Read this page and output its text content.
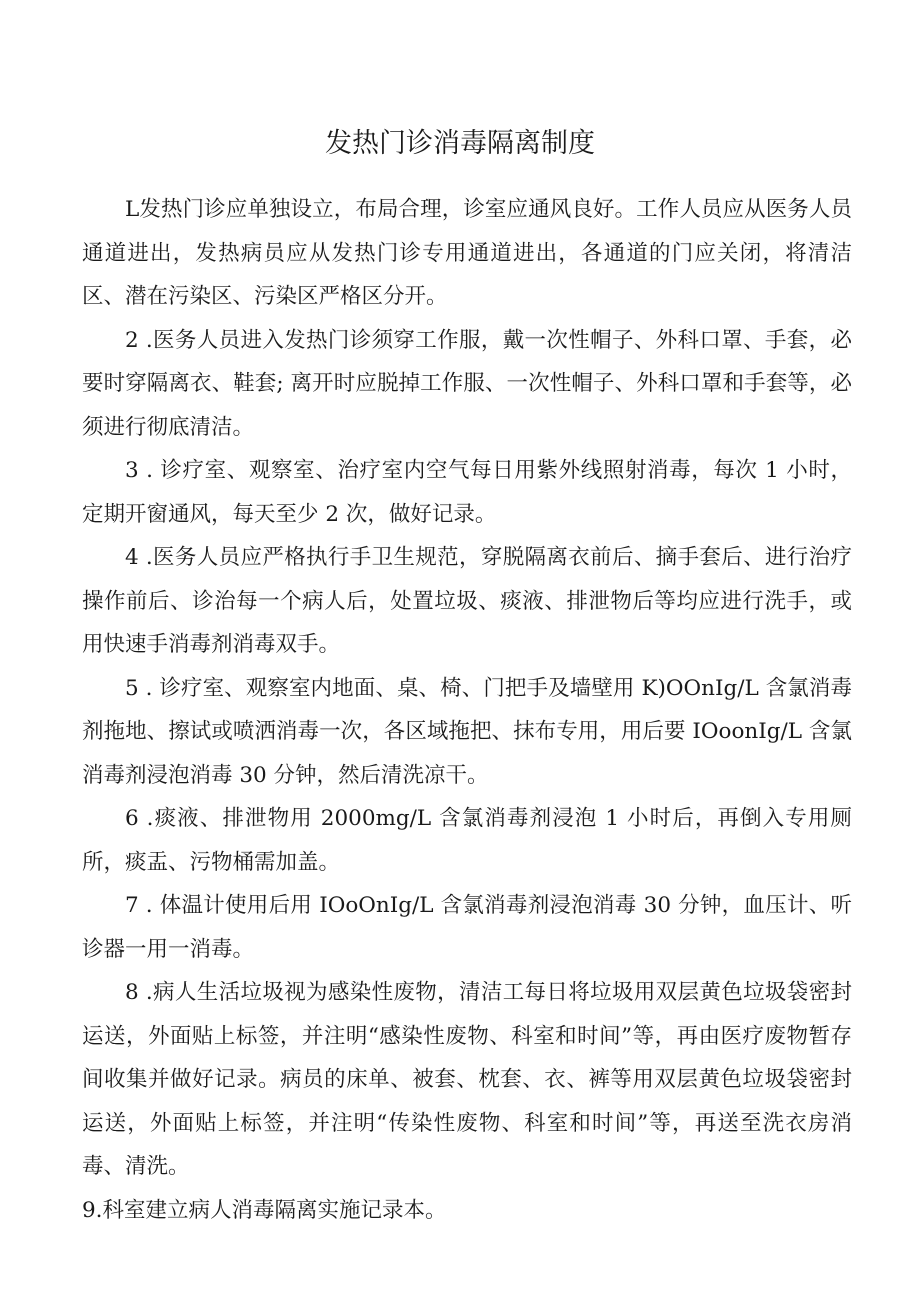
发热门诊消毒隔离制度

L发热门诊应单独设立，布局合理，诊室应通风良好。工作人员应从医务人员通道进出，发热病员应从发热门诊专用通道进出，各通道的门应关闭，将清洁区、潜在污染区、污染区严格区分开。

2 .医务人员进入发热门诊须穿工作服，戴一次性帽子、外科口罩、手套，必要时穿隔离衣、鞋套; 离开时应脱掉工作服、一次性帽子、外科口罩和手套等，必须进行彻底清洁。

3 . 诊疗室、观察室、治疗室内空气每日用紫外线照射消毒，每次 1 小时，定期开窗通风，每天至少 2 次，做好记录。

4 .医务人员应严格执行手卫生规范，穿脱隔离衣前后、摘手套后、进行治疗操作前后、诊治每一个病人后，处置垃圾、痰液、排泄物后等均应进行洗手，或用快速手消毒剂消毒双手。

5 . 诊疗室、观察室内地面、桌、椅、门把手及墙壁用 K)OOnIg/L 含氯消毒剂拖地、擦试或喷洒消毒一次，各区域拖把、抹布专用，用后要 IOoonIg/L 含氯消毒剂浸泡消毒 30 分钟，然后清洗凉干。

6 .痰液、排泄物用 2000mg/L 含氯消毒剂浸泡 1 小时后，再倒入专用厕所，痰盂、污物桶需加盖。

7 . 体温计使用后用 IOoOnIg/L 含氯消毒剂浸泡消毒 30 分钟，血压计、听诊器一用一消毒。

8 .病人生活垃圾视为感染性废物，清洁工每日将垃圾用双层黄色垃圾袋密封运送，外面贴上标签，并注明“感染性废物、科室和时间”等，再由医疗废物暂存间收集并做好记录。病员的床单、被套、枕套、衣、裤等用双层黄色垃圾袋密封运送，外面贴上标签，并注明“传染性废物、科室和时间”等，再送至洗衣房消毒、清洗。

9.科室建立病人消毒隔离实施记录本。
